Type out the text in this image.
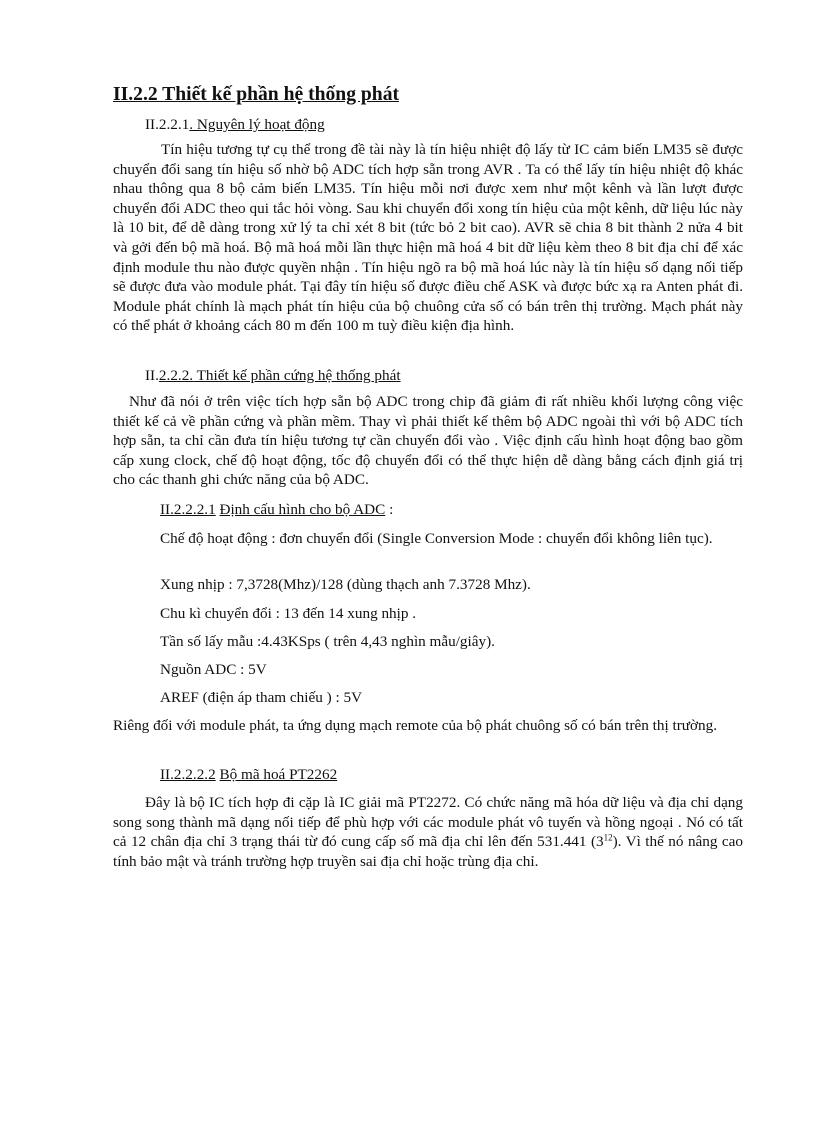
II.2.2 Thiết kế phần hệ thống phát

II.2.2.1. Nguyên lý hoạt động

Tín hiệu tương tự cụ thể trong đề tài này là tín hiệu nhiệt độ lấy từ IC cảm biến LM35 sẽ được chuyển đổi sang tín hiệu số nhờ bộ ADC tích hợp sẵn trong AVR . Ta có thể lấy tín hiệu nhiệt độ khác nhau thông qua 8 bộ cảm biến LM35. Tín hiệu mỗi nơi được xem như một kênh và lần lượt được chuyển đổi ADC theo qui tắc hỏi vòng. Sau khi chuyển đổi xong tín hiệu của một kênh, dữ liệu lúc này là 10 bit, để dễ dàng trong xử lý ta chỉ xét 8 bit (tức bỏ 2 bit cao). AVR sẽ chia 8 bit thành 2 nửa 4 bit và gởi đến bộ mã hoá. Bộ mã hoá mỗi lần thực hiện mã hoá 4 bit dữ liệu kèm theo 8 bit địa chỉ để xác định module thu nào được quyền nhận . Tín hiệu ngõ ra bộ mã hoá lúc này là tín hiệu số dạng nối tiếp sẽ được đưa vào module phát. Tại đây tín hiệu số được điều chế ASK và được bức xạ ra Anten phát đi. Module phát chính là mạch phát tín hiệu của bộ chuông cửa số có bán trên thị trường. Mạch phát này có thể phát ở khoảng cách 80 m đến 100 m tuỳ điều kiện địa hình.

II.2.2.2. Thiết kế phần cứng hệ thống phát

Như đã nói ở trên việc tích hợp sẵn bộ ADC trong chip đã giảm đi rất nhiều khối lượng công việc thiết kế cả về phần cứng và phần mềm. Thay vì phải thiết kế thêm bộ ADC ngoài thì với bộ ADC tích hợp sẵn, ta chỉ cần đưa tín hiệu tương tự cần chuyển đổi vào . Việc định cấu hình hoạt động bao gồm cấp xung clock, chế độ hoạt động, tốc độ chuyển đổi có thể thực hiện dễ dàng bằng cách định giá trị cho các thanh ghi chức năng của bộ ADC.

II.2.2.2.1 Định cấu hình cho bộ ADC :

Chế độ hoạt động : đơn chuyển đổi (Single Conversion Mode : chuyển đổi không liên tục).

Xung nhịp : 7,3728(Mhz)/128 (dùng thạch anh 7.3728 Mhz).

Chu kì chuyển đổi : 13 đến 14 xung nhịp .

Tần số lấy mẫu :4.43KSps ( trên 4,43 nghìn mẫu/giây).

Nguồn ADC : 5V

AREF (điện áp tham chiếu ) : 5V

Riêng đối với module phát, ta ứng dụng mạch remote của bộ phát chuông số có bán trên thị trường.

II.2.2.2.2 Bộ mã hoá PT2262

Đây là bộ IC tích hợp đi cặp là IC giải mã PT2272. Có chức năng mã hóa dữ liệu và địa chỉ dạng song song thành mã dạng nối tiếp để phù hợp với các module phát vô tuyến và hồng ngoại . Nó có tất cả 12 chân địa chỉ 3 trạng thái từ đó cung cấp số mã địa chỉ lên đến 531.441 $(3^{12})$. Vì thế nó nâng cao tính bảo mật và tránh trường hợp truyền sai địa chỉ hoặc trùng địa chỉ.
